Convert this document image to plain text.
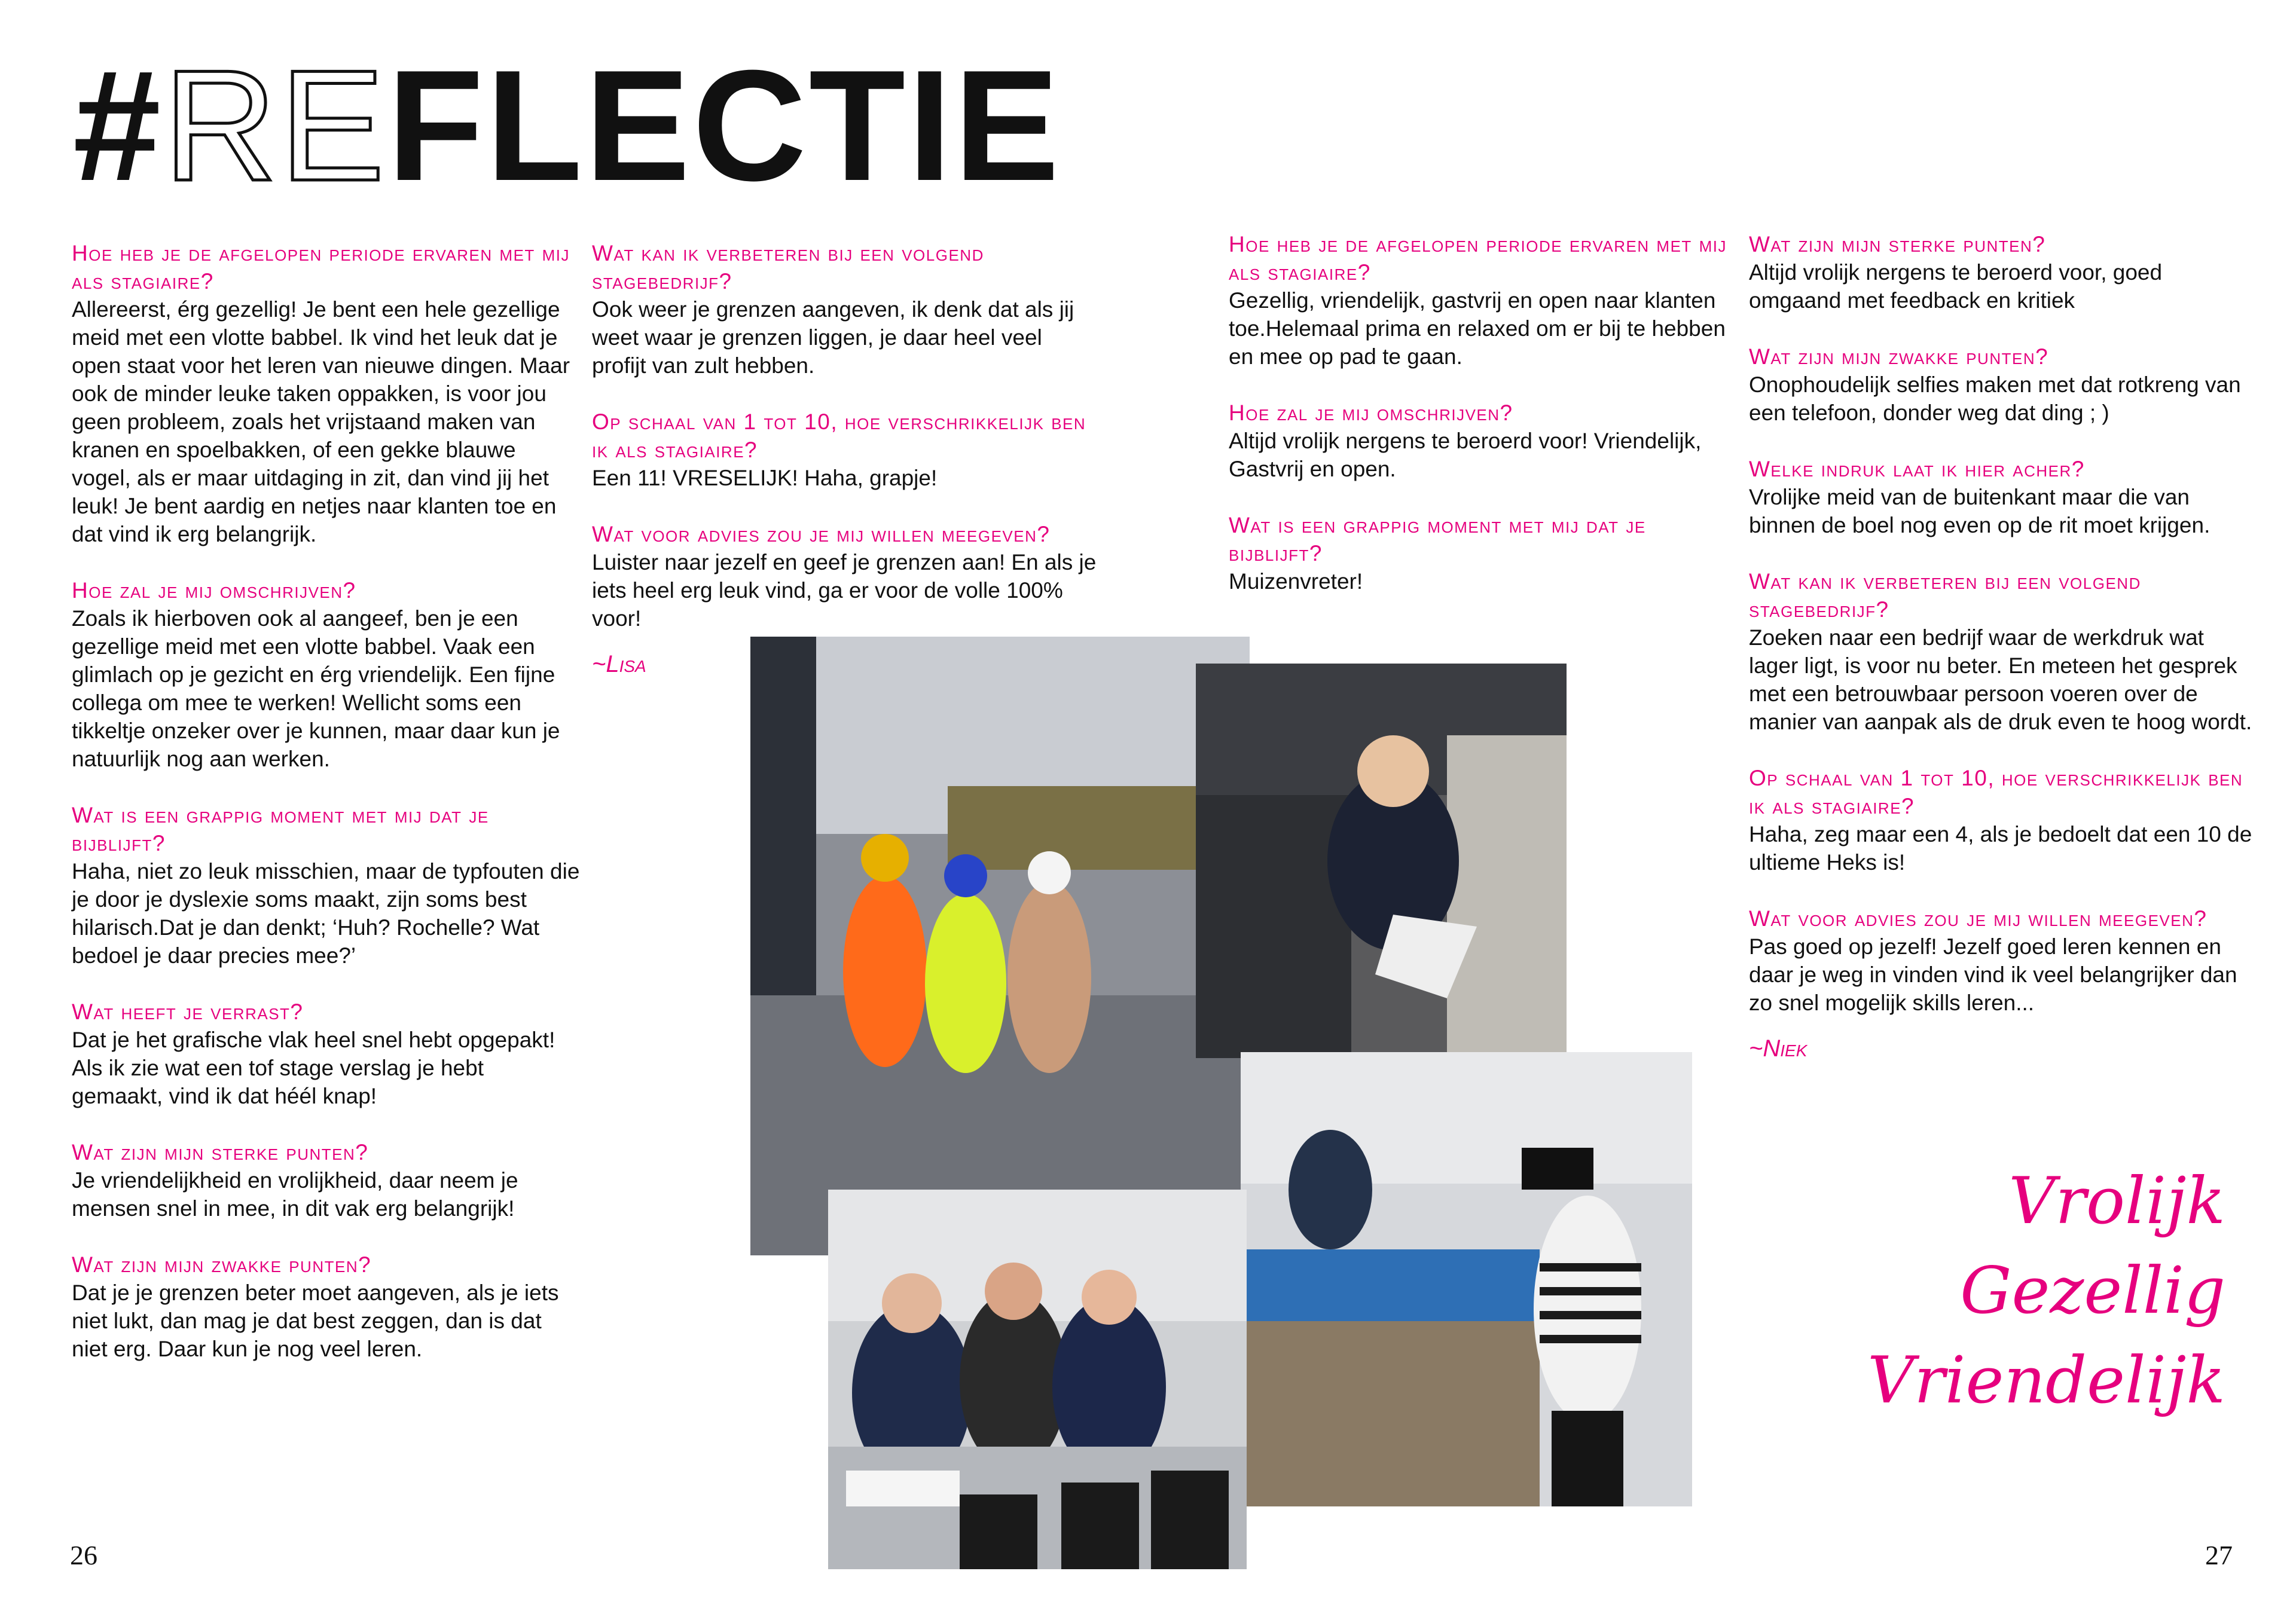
#REFLECTIE

Hoe heb je de afgelopen periode ervaren met mij als stagiaire?

Allereerst, érg gezellig! Je bent een hele gezellige meid met een vlotte babbel. Ik vind het leuk dat je open staat voor het leren van nieuwe dingen. Maar ook de minder leuke taken oppakken, is voor jou geen probleem, zoals het vrijstaand maken van kranen en spoelbakken, of een gekke blauwe vogel, als er maar uitdaging in zit, dan vind jij het leuk! Je bent aardig en netjes naar klanten toe en dat vind ik erg belangrijk.

Hoe zal je mij omschrijven?

Zoals ik hierboven ook al aangeef, ben je een gezellige meid met een vlotte babbel. Vaak een glimlach op je gezicht en érg vriendelijk. Een fijne collega om mee te werken! Wellicht soms een tikkeltje onzeker over je kunnen, maar daar kun je natuurlijk nog aan werken.

Wat is een grappig moment met mij dat je bijblijft?

Haha, niet zo leuk misschien, maar de typfouten die je door je dyslexie soms maakt, zijn soms best hilarisch.Dat je dan denkt; ‘Huh? Rochelle? Wat bedoel je daar precies mee?’

Wat heeft je verrast?

Dat je het grafische vlak heel snel hebt opgepakt! Als ik zie wat een tof stage verslag je hebt gemaakt, vind ik dat héél knap!

Wat zijn mijn sterke punten?

Je vriendelijkheid en vrolijkheid, daar neem je mensen snel in mee, in dit vak erg belangrijk!

Wat zijn mijn zwakke punten?

Dat je je grenzen beter moet aangeven, als je iets niet lukt, dan mag je dat best zeggen, dan is dat niet erg. Daar kun je nog veel leren.

Wat kan ik verbeteren bij een volgend stagebedrijf?

Ook weer je grenzen aangeven, ik denk dat als jij weet waar je grenzen liggen, je daar heel veel profijt van zult hebben.

Op schaal van 1 tot 10, hoe verschrikkelijk ben ik als stagiaire?

Een 11! VRESELIJK! Haha, grapje!

Wat voor advies zou je mij willen meegeven?

Luister naar jezelf en geef je grenzen aan! En als je iets heel erg leuk vind, ga er voor de volle 100% voor!

~Lisa

Hoe heb je de afgelopen periode ervaren met mij als stagiaire?

Gezellig, vriendelijk, gastvrij en open naar klanten toe.Helemaal prima en relaxed om er bij te hebben en mee op pad te gaan.

Hoe zal je mij omschrijven?

Altijd vrolijk nergens te beroerd voor! Vriendelijk, Gastvrij en open.

Wat is een grappig moment met mij dat je bijblijft?

Muizenvreter!

Wat zijn mijn sterke punten?

Altijd vrolijk nergens te beroerd voor, goed omgaand met feedback en kritiek

Wat zijn mijn zwakke punten?

Onophoudelijk selfies maken met dat rotkreng van een telefoon, donder weg dat ding ; )

Welke indruk laat ik hier acher?

Vrolijke meid van de buitenkant maar die van binnen de boel nog even op de rit moet krijgen.

Wat kan ik verbeteren bij een volgend stagebedrijf?

Zoeken naar een bedrijf waar de werkdruk wat lager ligt, is voor nu beter. En meteen het gesprek met een betrouwbaar persoon voeren over de manier van aanpak als de druk even te hoog wordt.

Op schaal van 1 tot 10, hoe verschrikkelijk ben ik als stagiaire?

Haha, zeg maar een 4, als je bedoelt dat een 10 de ultieme Heks is!

Wat voor advies zou je mij willen meegeven?

Pas goed op jezelf! Jezelf goed leren kennen en daar je weg in vinden vind ik veel belangrijker dan zo snel mogelijk skills leren...

~Niek

Vrolijk
Gezellig
Vriendelijk
26	27
